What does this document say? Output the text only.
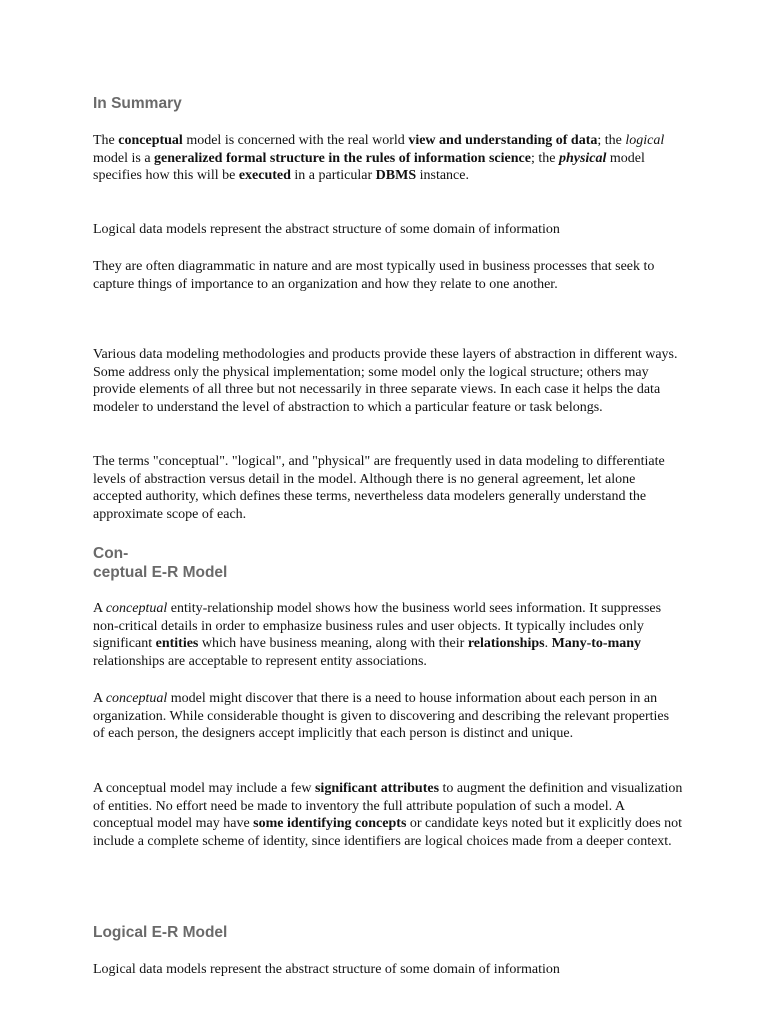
In Summary

The conceptual model is concerned with the real world view and understanding of data; the logical model is a generalized formal structure in the rules of information science; the physical model specifies how this will be executed in a particular DBMS instance.

Logical data models represent the abstract structure of some domain of information

They are often diagrammatic in nature and are most typically used in business processes that seek to capture things of importance to an organization and how they relate to one another.

Various data modeling methodologies and products provide these layers of abstraction in different ways. Some address only the physical implementation; some model only the logical structure; others may provide elements of all three but not necessarily in three separate views. In each case it helps the data modeler to understand the level of abstraction to which a particular feature or task belongs.

The terms "conceptual". "logical", and "physical" are frequently used in data modeling to differentiate levels of abstraction versus detail in the model. Although there is no general agreement, let alone accepted authority, which defines these terms, nevertheless data modelers generally understand the approximate scope of each.

Con-
ceptual E-R Model

A conceptual entity-relationship model shows how the business world sees information. It suppresses non-critical details in order to emphasize business rules and user objects. It typically includes only significant entities which have business meaning, along with their relationships. Many-to-many relationships are acceptable to represent entity associations.

A conceptual model might discover that there is a need to house information about each person in an organization. While considerable thought is given to discovering and describing the relevant properties of each person, the designers accept implicitly that each person is distinct and unique.

A conceptual model may include a few significant attributes to augment the definition and visualization of entities. No effort need be made to inventory the full attribute population of such a model. A conceptual model may have some identifying concepts or candidate keys noted but it explicitly does not include a complete scheme of identity, since identifiers are logical choices made from a deeper context.

Logical E-R Model

Logical data models represent the abstract structure of some domain of information
